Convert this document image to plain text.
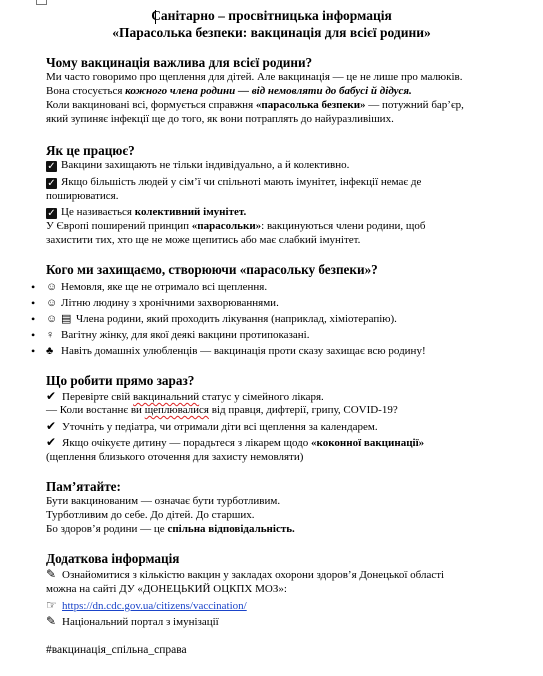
Санітарно – просвітницька інформація
«Парасолька безпеки: вакцинація для всієї родини»
Чому вакцинація важлива для всієї родини?
Ми часто говоримо про щеплення для дітей. Але вакцинація — це не лише про малюків.
Вона стосується кожного члена родини — від немовляти до бабусі й дідуся.
Коли вакциновані всі, формується справжня «парасолька безпеки» — потужний бар’єр,
який зупиняє інфекції ще до того, як вони потраплять до найуразливіших.
Як це працює?
✓ Вакцини захищають не тільки індивідуально, а й колективно.
✓ Якщо більшість людей у сім’ї чи спільноті мають імунітет, інфекції немає де
поширюватися.
✓ Це називається колективний імунітет.
У Європі поширений принцип «парасольки»: вакцинуються члени родини, щоб
захистити тих, хто ще не може щепитись або має слабкий імунітет.
Кого ми захищаємо, створюючи «парасольку безпеки»?
• ☺ Немовля, яке ще не отримало всі щеплення.
• ☺ Літню людину з хронічними захворюваннями.
• ☺ ▤ Члена родини, який проходить лікування (наприклад, хіміотерапію).
• ♀ Вагітну жінку, для якої деякі вакцини протипоказані.
• ♣ Навіть домашніх улюбленців — вакцинація проти сказу захищає всю родину!
Що робити прямо зараз?
✔ Перевірте свій вакцинальний статус у сімейного лікаря.
— Коли востаннє ви щеплювалися від правця, дифтерії, грипу, COVID-19?
✔ Уточніть у педіатра, чи отримали діти всі щеплення за календарем.
✔ Якщо очікуєте дитину — порадьтеся з лікарем щодо «коконної вакцинації»
(щеплення близького оточення для захисту немовляти)
Пам’ятайте:
Бути вакцинованим — означає бути турботливим.
Турботливим до себе. До дітей. До старших.
Бо здоров’я родини — це спільна відповідальність.
Додаткова інформація
✎ Ознайомитися з кількістю вакцин у закладах охорони здоров’я Донецької області
можна на сайті ДУ «ДОНЕЦЬКИЙ ОЦКПХ МОЗ»:
☞ https://dn.cdc.gov.ua/citizens/vaccination/
✎ Національний портал з імунізації
#вакцинація_спільна_справа
